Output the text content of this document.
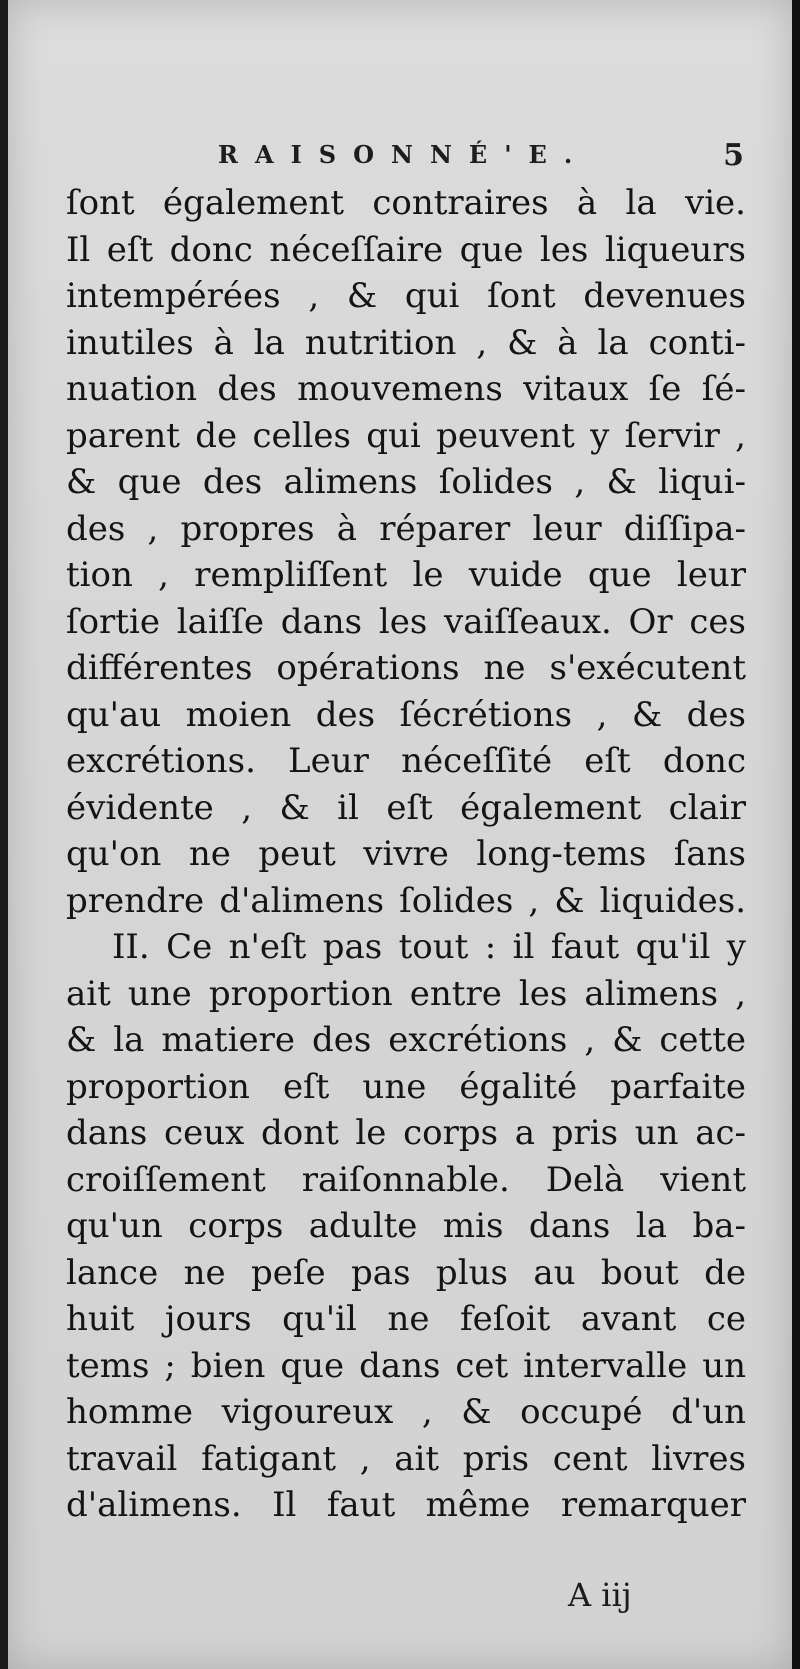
RAISONNÉ'E.	5
ſont également contraires à la vie.
Il eſt donc néceſſaire que les liqueurs
intempérées , & qui ſont devenues
inutiles à la nutrition , & à la conti-
nuation des mouvemens vitaux ſe ſé-
parent de celles qui peuvent y ſervir ,
& que des alimens ſolides , & liqui-
des , propres à réparer leur diſſipa-
tion , rempliſſent le vuide que leur
ſortie laiſſe dans les vaiſſeaux. Or ces
différentes opérations ne s'exécutent
qu'au moien des ſécrétions , & des
excrétions. Leur néceſſité eſt donc
évidente , & il eſt également clair
qu'on ne peut vivre long-tems ſans
prendre d'alimens ſolides , & liquides.
II. Ce n'eſt pas tout : il faut qu'il y
ait une proportion entre les alimens ,
& la matiere des excrétions , & cette
proportion eſt une égalité parfaite
dans ceux dont le corps a pris un ac-
croiſſement raiſonnable. Delà vient
qu'un corps adulte mis dans la ba-
lance ne peſe pas plus au bout de
huit jours qu'il ne feſoit avant ce
tems ; bien que dans cet intervalle un
homme vigoureux , & occupé d'un
travail fatigant , ait pris cent livres
d'alimens. Il faut même remarquer
A iij
